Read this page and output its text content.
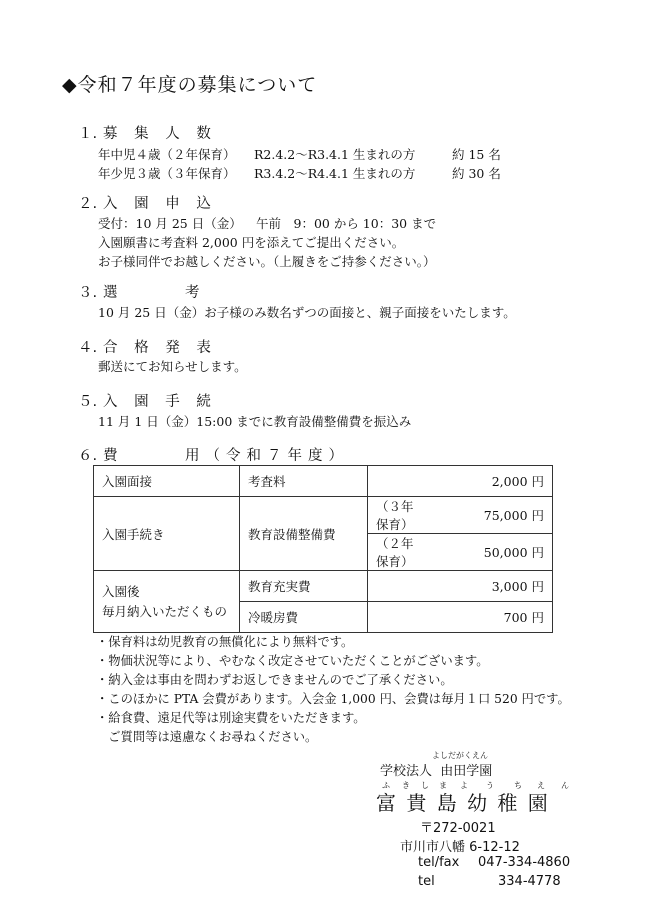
◆令和７年度の募集について
１. 募 集 人 数
年中児４歳（２年保育） R2.4.2～R3.4.1 生まれの方	約 15 名
年少児３歳（３年保育） R3.4.2～R4.4.1 生まれの方	約 30 名
２. 入 園 申 込
受付：10 月 25 日（金） 午前　9：00 から 10：30 まで
入園願書に考査料 2,000 円を添えてご提出ください。
お子様同伴でお越しください。（上履きをご持参ください。）
３. 選　　　考
10 月 25 日（金）お子様のみ数名ずつの面接と、親子面接をいたします。
４. 合 格 発 表
郵送にてお知らせします。
５. 入 園 手 続
11 月 1 日（金）15:00 までに教育設備整備費を振込み
６. 費　　　用（令和７年度）
入園面接	考査料	2,000 円	
入園手続き	教育設備整備費	（３年保育）	75,000 円
		（２年保育）	50,000 円

入園後
毎月納入いただくもの	教育充実費	3,000 円	
	冷暖房費	700 円	
・保育料は幼児教育の無償化により無料です。
・物価状況等により、やむなく改定させていただくことがございます。
・納入金は事由を問わずお返しできませんのでご了承ください。
・このほかに PTA 会費があります。入会金 1,000 円、会費は毎月１口 520 円です。
・給食費、遠足代等は別途実費をいただきます。
　ご質問等は遠慮なくお尋ねください。
よしだがくえん
学校法人 由田学園
ふ き し ま よ う	ち え ん
富 貴 島 幼 稚 園
〒272-0021
市川市八幡 6-12-12
tel/fax 047-334-4860
tel	334-4778
